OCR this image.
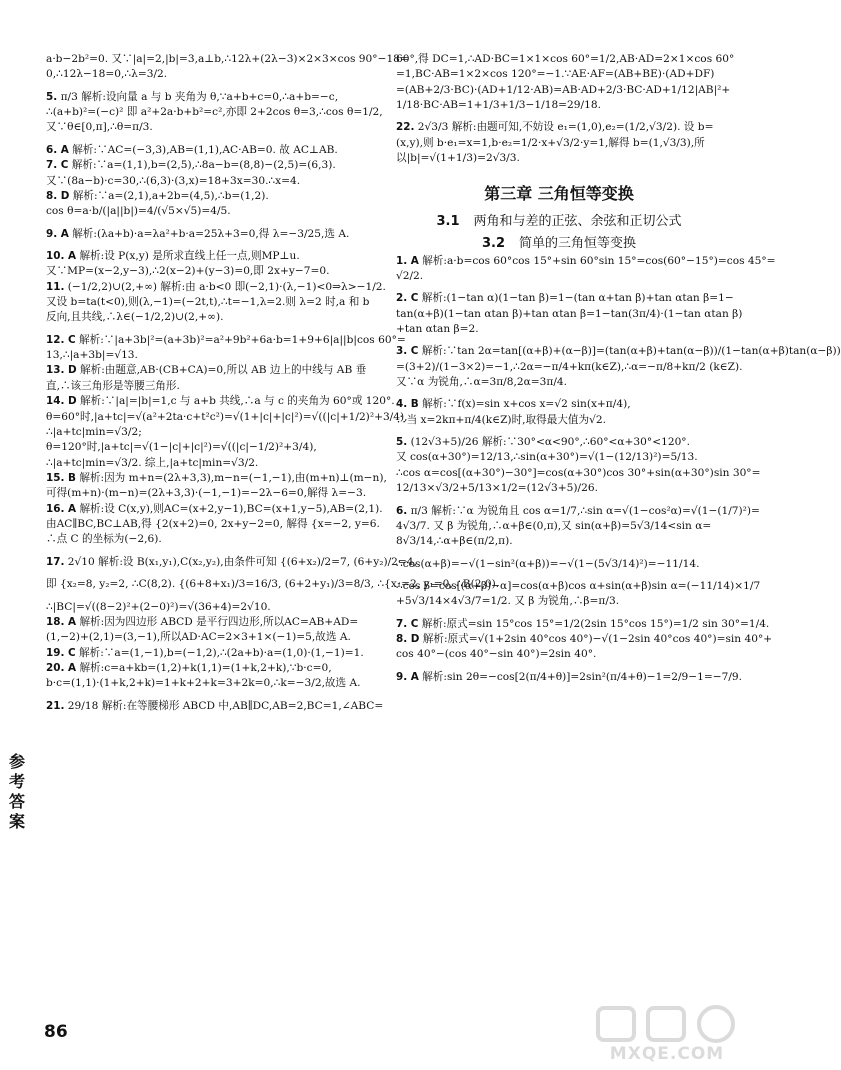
a·b−2b²=0. 又∵|a|=2,|b|=3,a⊥b,∴12λ+(2λ−3)×2×3×cos 90°−18=
0,∴12λ−18=0,∴λ=3/2.
5. π/3 解析:设向量 a 与 b 夹角为 θ,∵a+b+c=0,∴a+b=−c,
∴(a+b)²=(−c)² 即 a²+2a·b+b²=c²,亦即 2+2cos θ=3,∴cos θ=1/2,
又∵θ∈[0,π],∴θ=π/3.
6. A 解析:∵AC=(−3,3),AB=(1,1),AC·AB=0. 故 AC⊥AB.
7. C 解析:∵a=(1,1),b=(2,5),∴8a−b=(8,8)−(2,5)=(6,3).
又∵(8a−b)·c=30,∴(6,3)·(3,x)=18+3x=30.∴x=4.
8. D 解析:∵a=(2,1),a+2b=(4,5),∴b=(1,2).
cos θ=a·b/(|a||b|)=4/(√5×√5)=4/5.
9. A 解析:(λa+b)·a=λa²+b·a=25λ+3=0,得 λ=−3/25,选 A.
10. A 解析:设 P(x,y) 是所求直线上任一点,则MP⊥u.
又∵MP=(x−2,y−3),∴2(x−2)+(y−3)=0,即 2x+y−7=0.
11. (−1/2,2)∪(2,+∞) 解析:由 a·b<0 即(−2,1)·(λ,−1)<0⇒λ>−1/2.
又设 b=ta(t<0),则(λ,−1)=(−2t,t),∴t=−1,λ=2.则 λ=2 时,a 和 b
反向,且共线,∴λ∈(−1/2,2)∪(2,+∞).
12. C 解析:∵|a+3b|²=(a+3b)²=a²+9b²+6a·b=1+9+6|a||b|cos 60°=
13,∴|a+3b|=√13.
13. D 解析:由题意,AB·(CB+CA)=0,所以 AB 边上的中线与 AB 垂
直,∴该三角形是等腰三角形.
14. D 解析:∵|a|=|b|=1,c 与 a+b 共线,∴a 与 c 的夹角为 60°或 120°.
θ=60°时,|a+tc|=√(a²+2ta·c+t²c²)=√(1+|c|+|c|²)=√((|c|+1/2)²+3/4),
∴|a+tc|min=√3/2;
θ=120°时,|a+tc|=√(1−|c|+|c|²)=√((|c|−1/2)²+3/4),
∴|a+tc|min=√3/2. 综上,|a+tc|min=√3/2.
15. B 解析:因为 m+n=(2λ+3,3),m−n=(−1,−1),由(m+n)⊥(m−n),
可得(m+n)·(m−n)=(2λ+3,3)·(−1,−1)=−2λ−6=0,解得 λ=−3.
16. A 解析:设 C(x,y),则AC=(x+2,y−1),BC=(x+1,y−5),AB=(2,1).
由AC∥BC,BC⊥AB,得 {2(x+2)=0, 2x+y−2=0, 解得 {x=−2, y=6.
∴点 C 的坐标为(−2,6).
17. 2√10 解析:设 B(x₁,y₁),C(x₂,y₂),由条件可知 {(6+x₂)/2=7, (6+y₂)/2=4,
即 {x₂=8, y₂=2, ∴C(8,2). {(6+8+x₁)/3=16/3, (6+2+y₁)/3=8/3, ∴{x₁=2, y₁=0, ∴B(2,0).
∴|BC|=√((8−2)²+(2−0)²)=√(36+4)=2√10.
18. A 解析:因为四边形 ABCD 是平行四边形,所以AC=AB+AD=
(1,−2)+(2,1)=(3,−1),所以AD·AC=2×3+1×(−1)=5,故选 A.
19. C 解析:∵a=(1,−1),b=(−1,2),∴(2a+b)·a=(1,0)·(1,−1)=1.
20. A 解析:c=a+kb=(1,2)+k(1,1)=(1+k,2+k),∵b·c=0,
b·c=(1,1)·(1+k,2+k)=1+k+2+k=3+2k=0,∴k=−3/2,故选 A.
21. 29/18 解析:在等腰梯形 ABCD 中,AB∥DC,AB=2,BC=1,∠ABC=
60°,得 DC=1,∴AD·BC=1×1×cos 60°=1/2,AB·AD=2×1×cos 60°
=1,BC·AB=1×2×cos 120°=−1.∵AE·AF=(AB+BE)·(AD+DF)
=(AB+2/3·BC)·(AD+1/12·AB)=AB·AD+2/3·BC·AD+1/12|AB|²+
1/18·BC·AB=1+1/3+1/3−1/18=29/18.
22. 2√3/3 解析:由题可知,不妨设 e₁=(1,0),e₂=(1/2,√3/2). 设 b=
(x,y),则 b·e₁=x=1,b·e₂=1/2·x+√3/2·y=1,解得 b=(1,√3/3),所
以|b|=√(1+1/3)=2√3/3.
第三章 三角恒等变换
3.1 两角和与差的正弦、余弦和正切公式
3.2 简单的三角恒等变换
1. A 解析:a·b=cos 60°cos 15°+sin 60°sin 15°=cos(60°−15°)=cos 45°=
√2/2.
2. C 解析:(1−tan α)(1−tan β)=1−(tan α+tan β)+tan αtan β=1−
tan(α+β)(1−tan αtan β)+tan αtan β=1−tan(3π/4)·(1−tan αtan β)
+tan αtan β=2.
3. C 解析:∵tan 2α=tan[(α+β)+(α−β)]=(tan(α+β)+tan(α−β))/(1−tan(α+β)tan(α−β))
=(3+2)/(1−3×2)=−1,∴2α=−π/4+kπ(k∈Z),∴α=−π/8+kπ/2 (k∈Z).
又∵α 为锐角,∴α=3π/8,2α=3π/4.
4. B 解析:∵f(x)=sin x+cos x=√2 sin(x+π/4),
∴当 x=2kπ+π/4(k∈Z)时,取得最大值为√2.
5. (12√3+5)/26 解析:∵30°<α<90°,∴60°<α+30°<120°.
又 cos(α+30°)=12/13,∴sin(α+30°)=√(1−(12/13)²)=5/13.
∴cos α=cos[(α+30°)−30°]=cos(α+30°)cos 30°+sin(α+30°)sin 30°=
12/13×√3/2+5/13×1/2=(12√3+5)/26.
6. π/3 解析:∵α 为锐角且 cos α=1/7,∴sin α=√(1−cos²α)=√(1−(1/7)²)=
4√3/7. 又 β 为锐角,∴α+β∈(0,π),又 sin(α+β)=5√3/14<sin α=
8√3/14,∴α+β∈(π/2,π).
∴cos(α+β)=−√(1−sin²(α+β))=−√(1−(5√3/14)²)=−11/14.
∴cos β=cos[(α+β)−α]=cos(α+β)cos α+sin(α+β)sin α=(−11/14)×1/7
+5√3/14×4√3/7=1/2. 又 β 为锐角,∴β=π/3.
7. C 解析:原式=sin 15°cos 15°=1/2(2sin 15°cos 15°)=1/2 sin 30°=1/4.
8. D 解析:原式=√(1+2sin 40°cos 40°)−√(1−2sin 40°cos 40°)=sin 40°+
cos 40°−(cos 40°−sin 40°)=2sin 40°.
9. A 解析:sin 2θ=−cos[2(π/4+θ)]=2sin²(π/4+θ)−1=2/9−1=−7/9.
参
考
答
案
86
MXQE.COM
